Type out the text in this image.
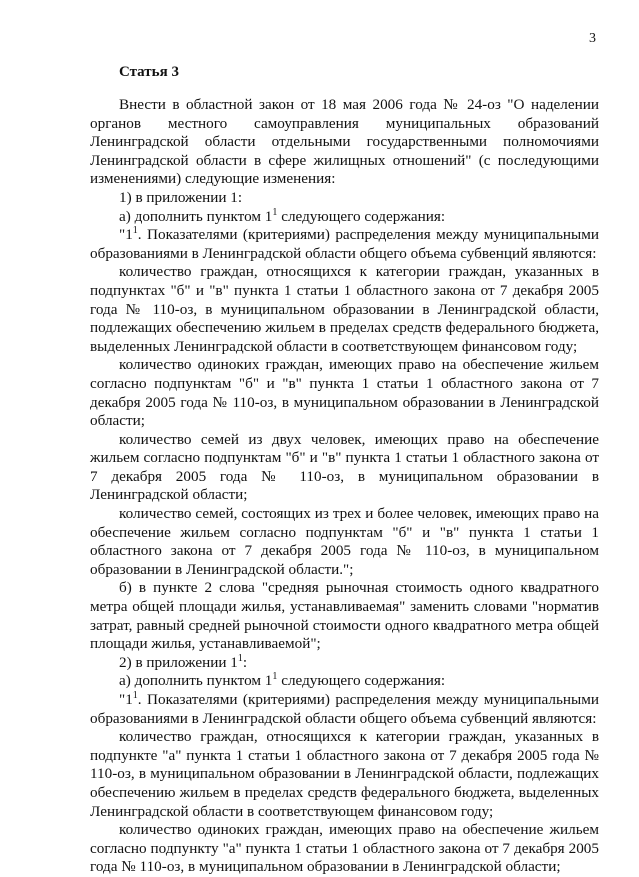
3
Статья 3

Внести в областной закон от 18 мая 2006 года № 24-оз "О наделении органов местного самоуправления муниципальных образований Ленинградской области отдельными государственными полномочиями Ленинградской области в сфере жилищных отношений" (с последующими изменениями) следующие изменения:

1) в приложении 1:

а) дополнить пунктом $1^1$ следующего содержания:

"$1^1$. Показателями (критериями) распределения между муниципальными образованиями в Ленинградской области общего объема субвенций являются:

количество граждан, относящихся к категории граждан, указанных в подпунктах "б" и "в" пункта 1 статьи 1 областного закона от 7 декабря 2005 года № 110-оз, в муниципальном образовании в Ленинградской области, подлежащих обеспечению жильем в пределах средств федерального бюджета, выделенных Ленинградской области в соответствующем финансовом году;

количество одиноких граждан, имеющих право на обеспечение жильем согласно подпунктам "б" и "в" пункта 1 статьи 1 областного закона от 7 декабря 2005 года № 110-оз, в муниципальном образовании в Ленинградской области;

количество семей из двух человек, имеющих право на обеспечение жильем согласно подпунктам "б" и "в" пункта 1 статьи 1 областного закона от 7 декабря 2005 года № 110-оз, в муниципальном образовании в Ленинградской области;

количество семей, состоящих из трех и более человек, имеющих право на обеспечение жильем согласно подпунктам "б" и "в" пункта 1 статьи 1 областного закона от 7 декабря 2005 года № 110-оз, в муниципальном образовании в Ленинградской области.";

б) в пункте 2 слова "средняя рыночная стоимость одного квадратного метра общей площади жилья, устанавливаемая" заменить словами "норматив затрат, равный средней рыночной стоимости одного квадратного метра общей площади жилья, устанавливаемой";

2) в приложении $1^1$:

а) дополнить пунктом $1^1$ следующего содержания:

"$1^1$. Показателями (критериями) распределения между муниципальными образованиями в Ленинградской области общего объема субвенций являются:

количество граждан, относящихся к категории граждан, указанных в подпункте "а" пункта 1 статьи 1 областного закона от 7 декабря 2005 года № 110-оз, в муниципальном образовании в Ленинградской области, подлежащих обеспечению жильем в пределах средств федерального бюджета, выделенных Ленинградской области в соответствующем финансовом году;

количество одиноких граждан, имеющих право на обеспечение жильем согласно подпункту "а" пункта 1 статьи 1 областного закона от 7 декабря 2005 года № 110-оз, в муниципальном образовании в Ленинградской области;
